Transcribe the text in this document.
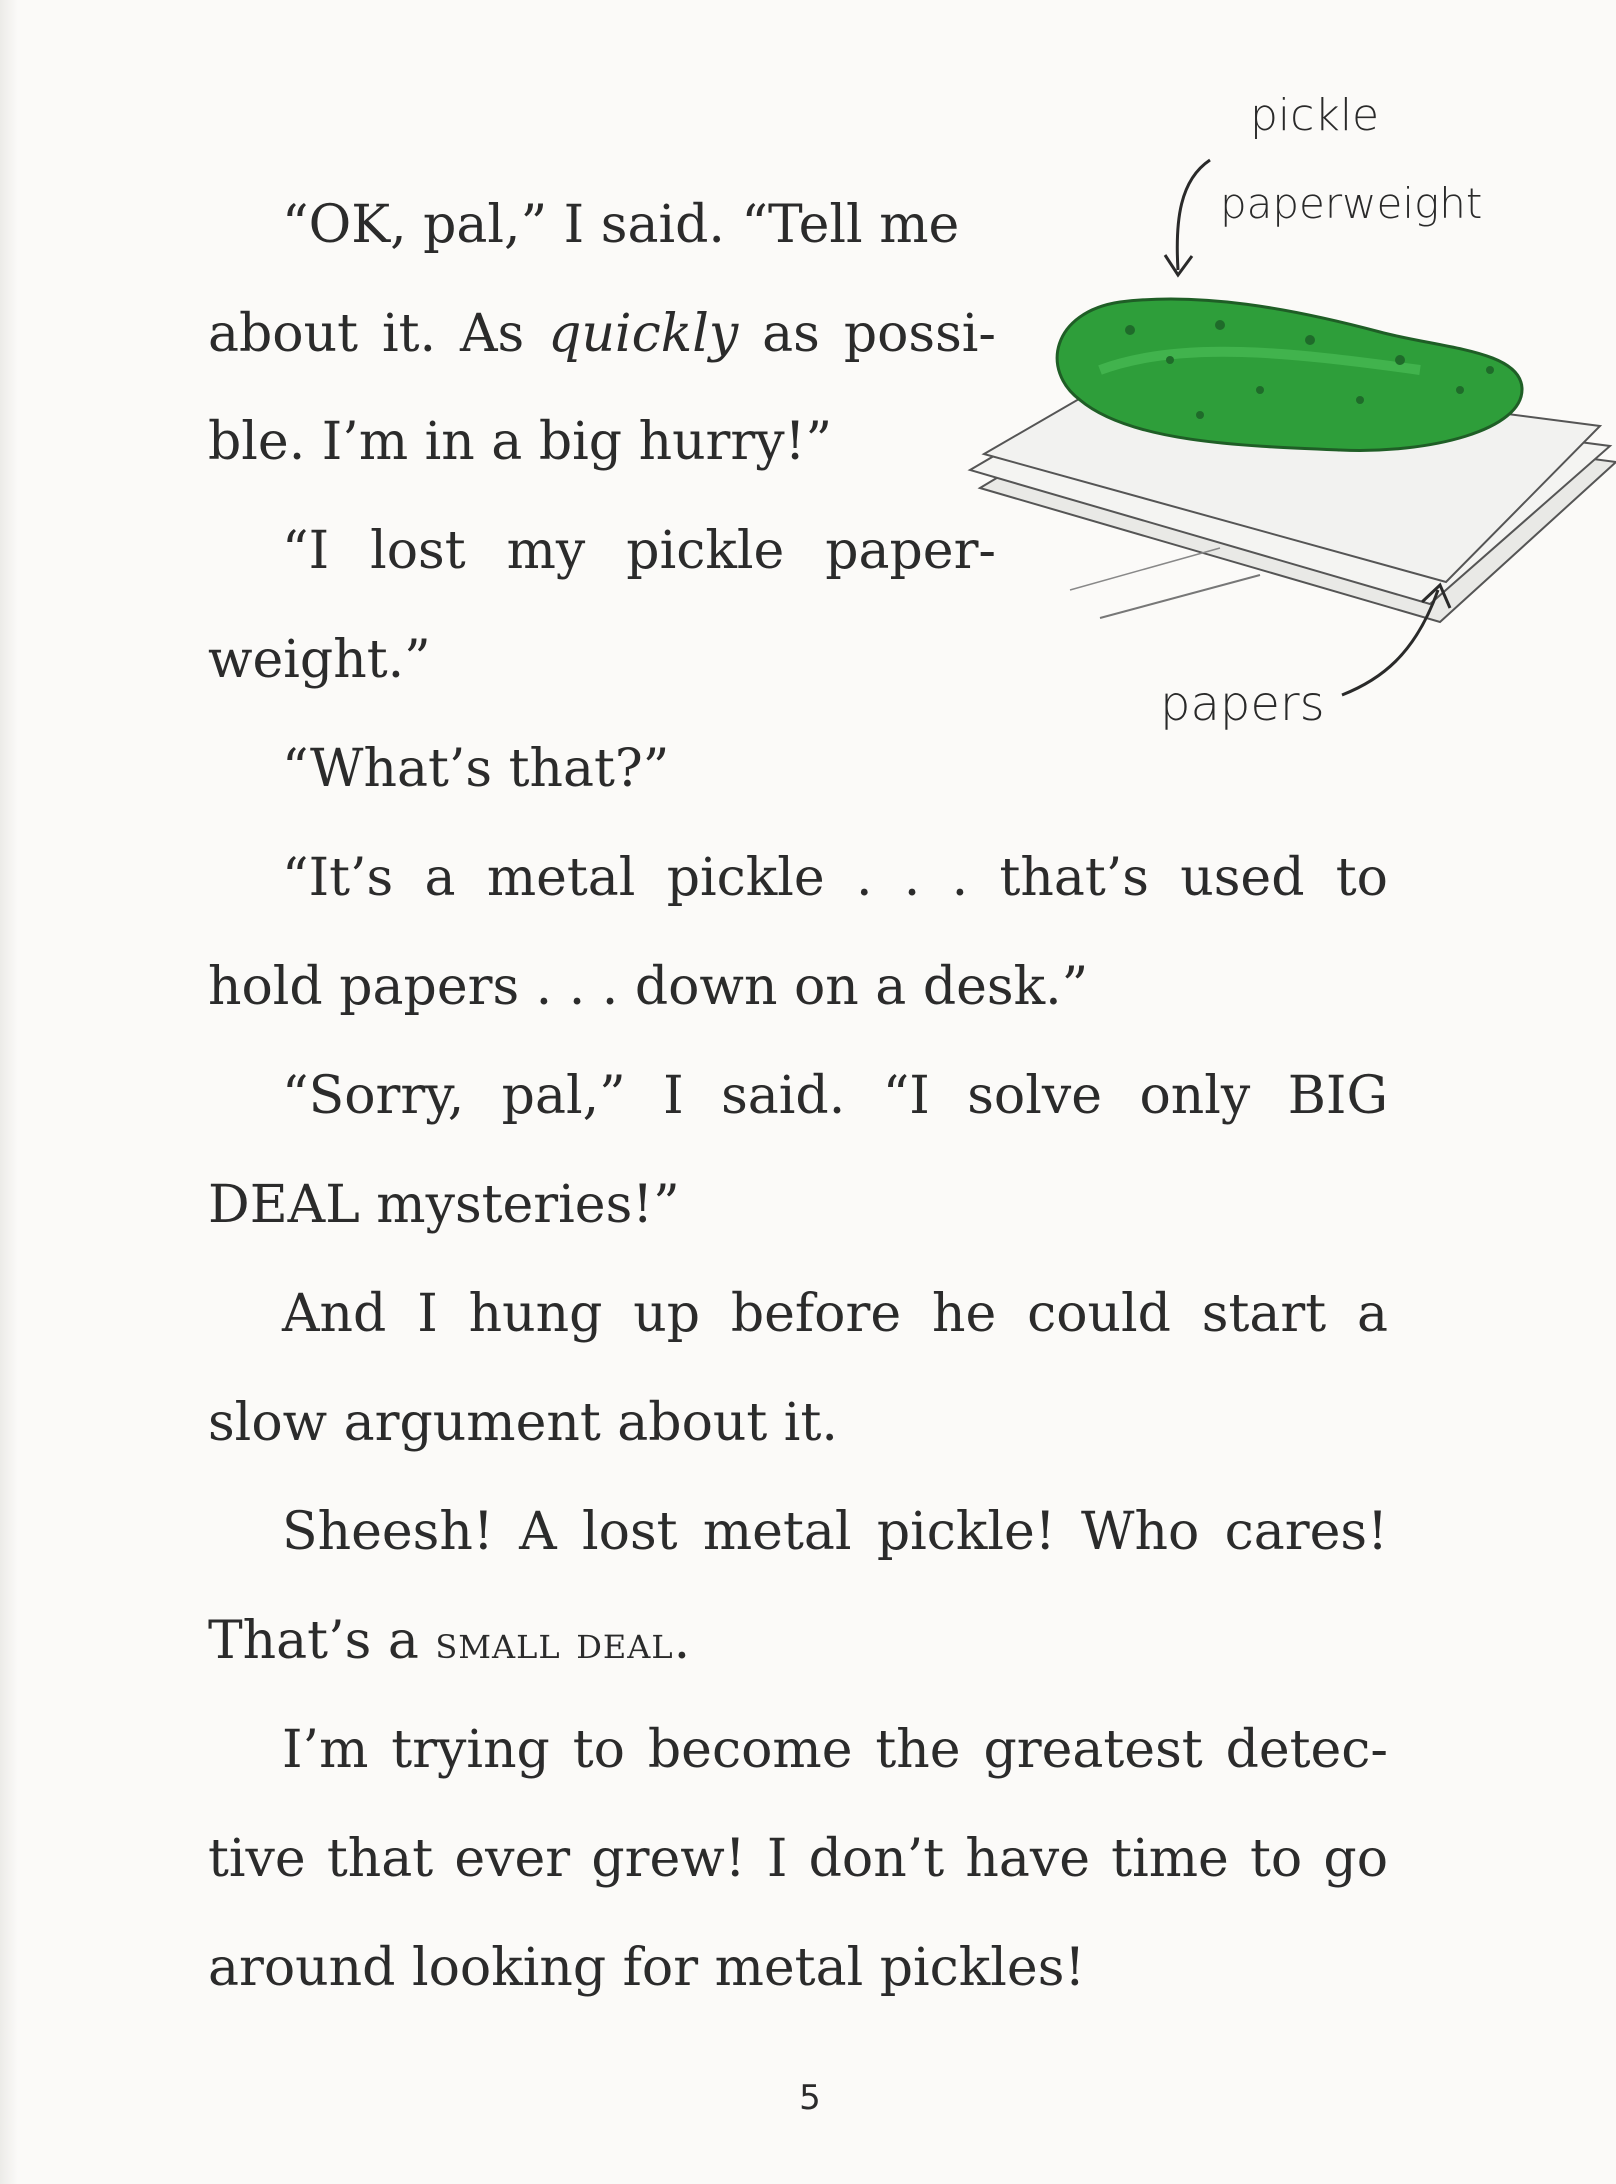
“OK, pal,” I said. “Tell me

about it. As quickly as possi-

ble. I’m in a big hurry!”

“I lost my pickle paper-

weight.”

“What’s that?”

“It’s a metal pickle . . . that’s used to

hold papers . . . down on a desk.”

“Sorry, pal,” I said. “I solve only BIG

DEAL mysteries!”

And I hung up before he could start a

slow argument about it.

Sheesh! A lost metal pickle! Who cares!

That’s a small deal.

I’m trying to become the greatest detec-

tive that ever grew! I don’t have time to go

around looking for metal pickles!

5
pickle
paperweight
papers
